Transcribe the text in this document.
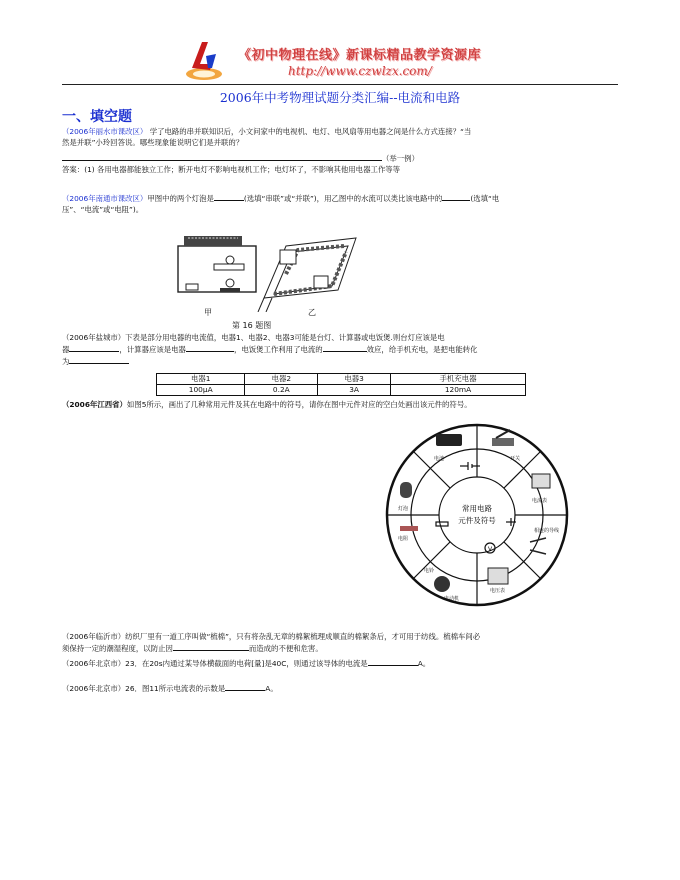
《初中物理在线》新课标精品教学资源库
http://www.czwlzx.com/
2006年中考物理试题分类汇编--电流和电路
一、填空题
（2006年丽水市课改区） 学了电路的串并联知识后，小文问家中的电视机、电灯、电风扇等用电器之间是什么方式连接？“当
然是并联”小玲回答说。哪些现象能说明它们是并联的？
（举一例）
答案：(1) 各用电器都能独立工作；断开电灯不影响电视机工作；电灯坏了，不影响其他用电器工作等等
（2006年南通市课改区）甲图中的两个灯泡是	(选填“串联”或“并联”)，用乙图中的水流可以类比该电路中的	(选填“电
压”、“电流”或“电阻”)。
甲	乙
第 16 题图
（2006年盐城市）下表是部分用电器的电流值，电器1、电器2、电器3可能是台灯、计算器或电饭煲.则台灯应该是电
器	，计算器应该是电器	，电饭煲工作利用了电流的	效应，给手机充电，是把电能转化
为
电器1	电器2	电器3	手机充电器
100μA	0.2A	3A	120mA
（2006年江西省）如图5所示，画出了几种常用元件及其在电路中的符号，请你在图中元件对应的空白处画出该元件的符号。
V
常用电路
元件及符号
电池	开关
电流表
灯泡
电阻
电动机
电压表
电铃
相连的导线
（2006年临沂市）纺织厂里有一道工序叫做“梳棉”，只有将杂乱无章的棉絮梳理成顺直的棉絮条后，才可用于纺线。梳棉车间必
须保持一定的潮湿程度，以防止因	而造成的不便和危害。
（2006年北京市）23．在20s内通过某导体横截面的电荷[量]是40C，则通过该导体的电流是	A。
（2006年北京市）26．图11所示电流表的示数是	A。
